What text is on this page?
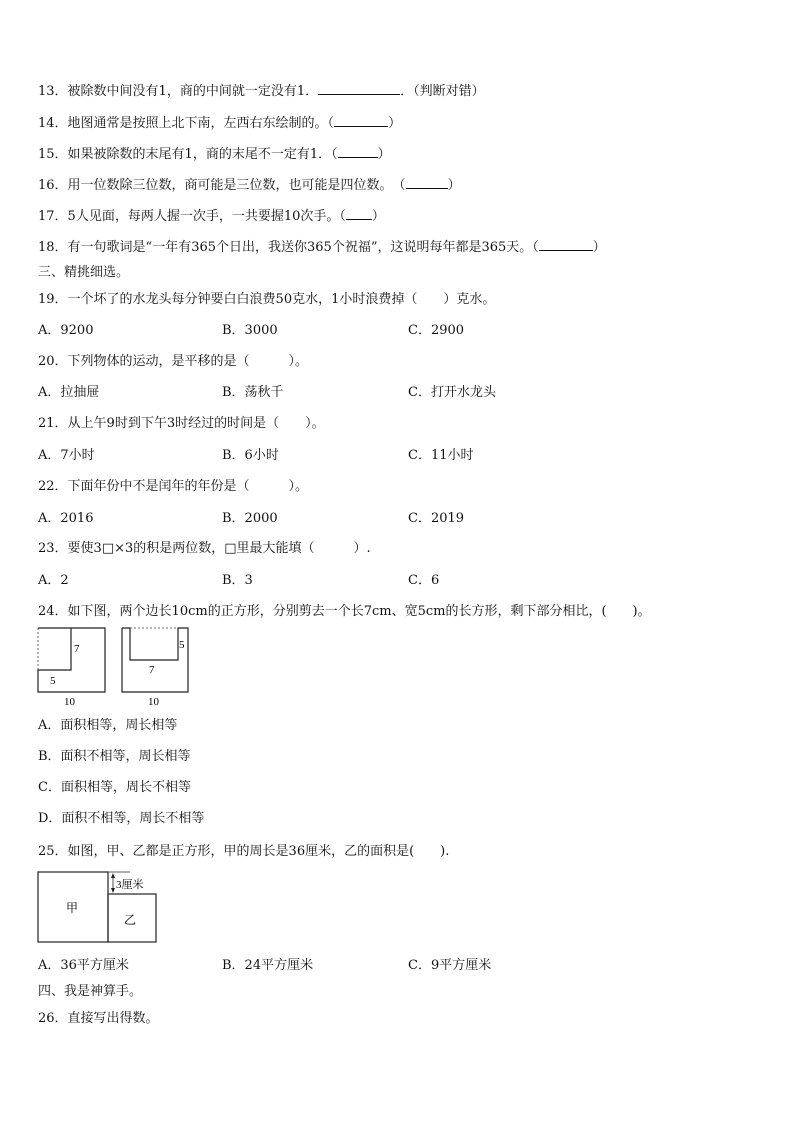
13．被除数中间没有1，商的中间就一定没有1．	．（判断对错）
14．地图通常是按照上北下南，左西右东绘制的。（	）
15．如果被除数的末尾有1，商的末尾不一定有1．（	）
16．用一位数除三位数，商可能是三位数，也可能是四位数。　（	）
17．5人见面，每两人握一次手，一共要握10次手。（ ）
18．有一句歌词是“一年有365个日出，我送你365个祝福”，这说明每年都是365天。（	）
三、精挑细选。
19．一个坏了的水龙头每分钟要白白浪费50克水，1小时浪费掉（　　）克水。
A．9200	B．3000	C．2900
20．下列物体的运动，是平移的是（　　　）。
A．拉抽屉	B．荡秋千	C．打开水龙头
21．从上午9时到下午3时经过的时间是（　　）。
A．7小时	B．6小时	C．11小时
22．下面年份中不是闰年的年份是（　　　）。
A．2016	B．2000	C．2019
23．要使3□×3的积是两位数，□里最大能填（　　　）.
A．2	B．3	C．6
24．如下图，两个边长10cm的正方形，分别剪去一个长7cm、宽5cm的长方形，剩下部分相比，(　　)。
7
5
10
7
5
10
A．面积相等，周长相等
B．面积不相等，周长相等
C．面积相等，周长不相等
D．面积不相等，周长不相等
25．如图，甲、乙都是正方形，甲的周长是36厘米，乙的面积是(　　).
甲
乙
3厘米
A．36平方厘米	B．24平方厘米	C．9平方厘米
四、我是神算手。
26．直接写出得数。
